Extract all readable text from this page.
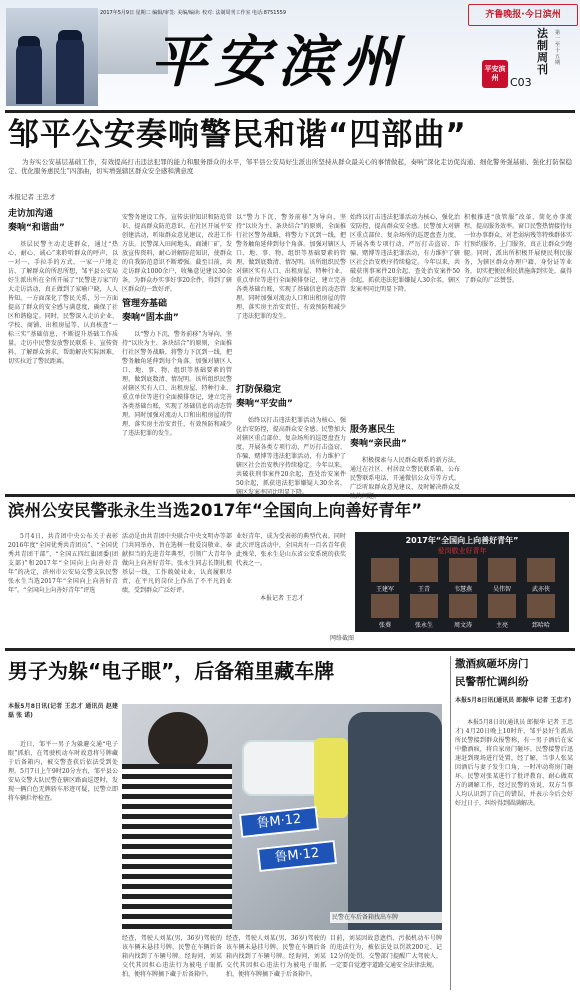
2017年5月9日 星期二 编辑/审签: 美编/编读: 校对: 法制周刊工作室 电话:8751559
平安滨州
齐鲁晚报·今日滨州
法制周刊
第一至十五期
平安滨州	C03
邹平公安奏响警民和谐“四部曲”
为夯实公安基层基础工作，有效提高打击违法犯罪的能力和服务群众的水平，邹平县公安局好生派出所坚持从群众最关心的事情做起，奏响“深化走访促沟通、细化警务强基础、强化打防保稳定、优化服务惠民生”四部曲，切实增强辖区群众安全感和满意度
本报记者 王忠才
走访加沟通
奏响“和谐曲”
基层民警主动走进群众，通过“热心、耐心、诚心”来聆听群众的呼声，以一对一、手拉手的方式，一家一户地走访，了解群众的所思所想，邹平县公安局好生派出所在全所开展了“民警进万家”的大走访活动，真正做到了家喻户晓，人人皆知。一方面深化了警民关系，另一方面提高了群众的安全感与满意度，确保了社区和谐稳定。同时，民警深入走访企业、学校、商铺、出租房屋等，认真核查“一标三实”基础信息，不断提升基础工作质量。走访中民警发放警民联系卡、宣传资料，了解群众诉求，帮助解决实际困难，切实拉近了警民距离。
安警务建设工作，宣传法律知识和防范常识，提高群众防范意识，在社区开展平安创建活动，听取群众意见建议，改进工作方法。民警深入田间地头、商铺厂矿，发放宣传资料，耐心讲解防范知识，使群众的自我防范意识不断增强。截至目前，共走访群众1000余户，收集意见建议30余条，为群众办实事好事20余件，得到了辖区群众的一致好评。
管理夯基础
奏响“固本曲”
以“警力下沉，警务前移”为导向，坚持“以块为主、条块结合”的原则，全面推行社区警务战略，将警力下沉到一线，把警务触角延伸到每个角落。加强对辖区人口、地、事、物、组织等基础要素的管理，做到底数清、情况明。该所组织民警对辖区实有人口、出租房屋、特种行业、重点单位等进行全面摸排登记，建立完善各类基础台账，实现了基础信息的动态管理。同时加强对流动人口和出租房屋的管理，落实房主治安责任，有效预防和减少了违法犯罪的发生。
以“警力下沉，警务前移”为导向，坚持“以块为主、条块结合”的原则，全面推行社区警务战略，将警力下沉到一线，把警务触角延伸到每个角落。加强对辖区人口、地、事、物、组织等基础要素的管理，做到底数清、情况明。该所组织民警对辖区实有人口、出租房屋、特种行业、重点单位等进行全面摸排登记，建立完善各类基础台账，实现了基础信息的动态管理。同时加强对流动人口和出租房屋的管理，落实房主治安责任，有效预防和减少了违法犯罪的发生。
打防保稳定
奏响“平安曲”
始终以打击违法犯罪活动为核心，强化治安防控，提高群众安全感。民警加大对辖区重点部位、复杂场所的巡逻盘查力度，开展各类专项行动，严厉打击盗窃、诈骗、赌博等违法犯罪活动，有力维护了辖区社会治安秩序持续稳定。今年以来，共破获刑事案件20余起，查处治安案件50余起，抓获违法犯罪嫌疑人30余名，辖区发案率同比明显下降。
始终以打击违法犯罪活动为核心，强化治安防控，提高群众安全感。民警加大对辖区重点部位、复杂场所的巡逻盘查力度，开展各类专项行动，严厉打击盗窃、诈骗、赌博等违法犯罪活动，有力维护了辖区社会治安秩序持续稳定。今年以来，共破获刑事案件20余起，查处治安案件50余起，抓获违法犯罪嫌疑人30余名，辖区发案率同比明显下降。
服务惠民生
奏响“亲民曲”
积极探索与人民群众联系的新方法，通过在社区、村居设立警民联系箱，公布民警联系电话，开通微信公众号等方式，广泛听取群众意见建议，及时解决群众反映的问题。
积极推进“放管服”改革，简化办事流程，提高服务效率。窗口民警热情接待每一位办事群众，对老弱病残等特殊群体实行预约服务、上门服务，真正让群众少跑腿。同时，派出所积极开展便民利民服务，为辖区群众办理户籍、身份证等业务，切实把便民利民措施落到实处，赢得了群众的广泛赞誉。
滨州公安民警张永生当选2017年“全国向上向善好青年”
5月4日，共青团中央公布关于表彰2016年度“全国优秀共青团员”、“全国优秀共青团干部”、“全国五四红旗团委(团支部)”和2017年“全国向上向善好青年”的决定，滨州市公安局交警支队民警张永生当选2017年“全国向上向善好青年”。“全国向上向善好青年”评选
活动是由共青团中央联合中央文明办等部门共同举办，旨在选树一批爱岗敬业、奉献担当的先进青年典型，引领广大青年争做向上向善好青年。张永生同志长期扎根基层一线，工作兢兢业业，认真履职尽责，在平凡的岗位上作出了不平凡的业绩，受到群众广泛好评。
业好青年，成为受表彰的典型代表。同时此次评选活动中，全国共有一百名青年获此殊荣，张永生是山东省公安系统的获奖代表之一。
本报记者 王忠才
2017年“全国向上向善好青年”
爱岗敬业好青年
王建军	王青	韦慧燕	吴伟智	武亦侠
张葵	张永生	周文涛	主亮	郅哈哈
网络截图
男子为躲“电子眼”，后备箱里藏车牌
本报5月8日讯(记者 王忠才 通讯员 赵建磊 张 诺)
近日，邹平一男子为躲避交通“电子眼”抓拍，在驾驶机动车时故意将号牌藏于后备箱内，被交警查获后依法受到处理。5月7日上午9时20分左右，邹平县公安局交警大队民警在辖区路面巡逻时，发现一辆白色无牌轿车形迹可疑，民警立即将车辆拦停检查。
鲁M·12
鲁M·12
民警在车后备箱找出车牌
经查，驾驶人刘某(男，36岁)驾驶的该车辆未悬挂号牌，民警在车辆后备箱内找到了车辆号牌。经询问，刘某交代其因担心违法行为被电子眼抓拍，便将车牌摘下藏于后备箱中。
经查，驾驶人刘某(男，36岁)驾驶的该车辆未悬挂号牌，民警在车辆后备箱内找到了车辆号牌。经询问，刘某交代其因担心违法行为被电子眼抓拍，便将车牌摘下藏于后备箱中。
目前，刘某因故意遮挡、污损机动车号牌的违法行为，被依法处以罚款200元、记12分的处罚。交警部门提醒广大驾驶人，一定要自觉遵守道路交通安全法律法规。
撒酒疯砸坏房门
民警帮忙调纠纷
本报5月8日讯(通讯员 郎振华 记者 王忠才)
本报5月8日讯(通讯员 郎振华 记者 王忠才) 4月20日晚上10时许，邹平县好生派出所民警接到群众报警称，有一男子酒后在家中撒酒疯，将自家房门砸坏。民警接警后迅速赶到现场进行处置，经了解，当事人张某因酒后与妻子发生口角，一时冲动将房门砸坏。民警对张某进行了批评教育，耐心做双方的调解工作，经过民警的劝说，双方当事人均认识到了自己的错误，并表示今后会好好过日子，纠纷得到圆满解决。
